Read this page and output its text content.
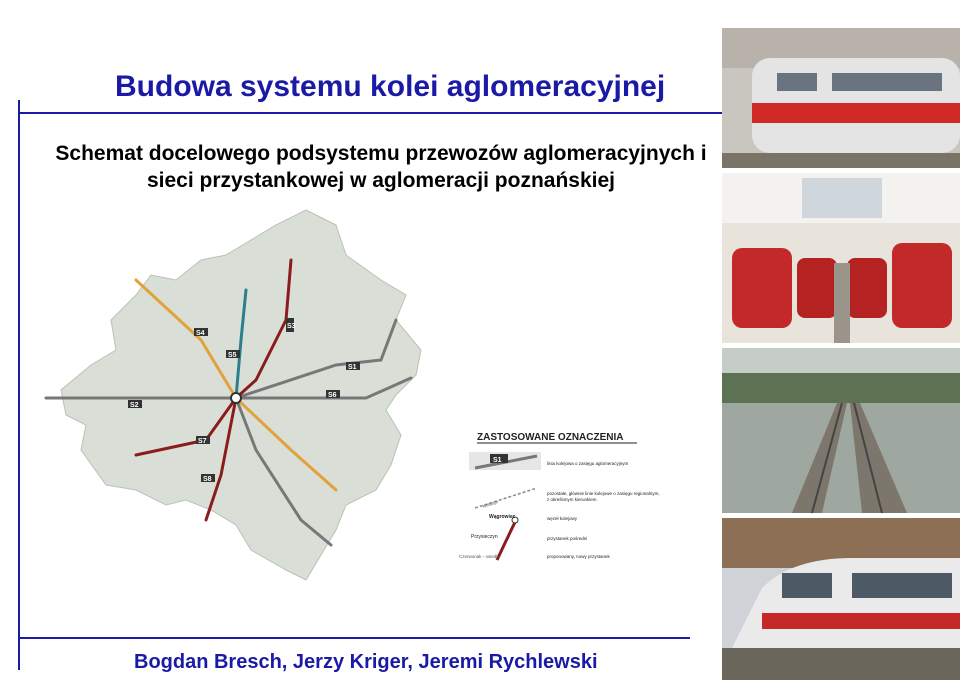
Budowa systemu kolei aglomeracyjnej
Schemat docelowego podsystemu przewozów aglomeracyjnych i
sieci przystankowej w aglomeracji poznańskiej
S1
S2
S3
S4
S5
S6
S7
S8
ZASTOSOWANE OZNACZENIA
S1	linia kolejowa o zasięgu aglomeracyjnym
Wolsztyn
pozostałe, głównie linie kolejowe o zasięgu regionalnym,
z określonym kierunkiem
Wągrowiec	węzeł kolejowy
Przysieczyn	przystanek pośredni
Czerwonak - osiedle	proponowany, nowy przystanek
Bogdan Bresch, Jerzy Kriger, Jeremi Rychlewski
